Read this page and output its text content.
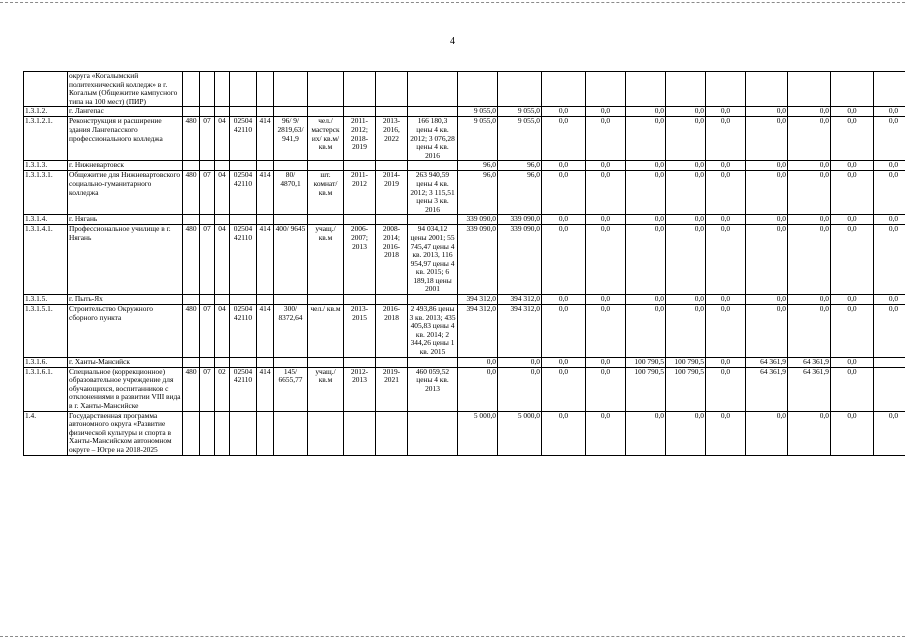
4
	округа «Когалымский политехнический колледж» в г. Когалым (Общежитие кампусного типа на 100 мест) (ПИР)																					
1.3.1.2.	г. Лангепас											9 055,0	9 055,0	0,0	0,0	0,0	0,0	0,0	0,0	0,0	0,0	0,0
1.3.1.2.1.	Реконструкция и расширение здания Лангепасского профессионального колледжа	480	07	04	02504 42110	414	96/ 9/ 2819,63/ 941,9	чел./ мастерск их/ кв.м/ кв.м	2011- 2012; 2018- 2019	2013- 2016, 2022	166 180,3 цены 4 кв. 2012; 3 076,28 цены 4 кв. 2016	9 055,0	9 055,0	0,0	0,0	0,0	0,0	0,0	0,0	0,0	0,0	0,0
1.3.1.3.	г. Нижневартовск											96,0	96,0	0,0	0,0	0,0	0,0	0,0	0,0	0,0	0,0	0,0
1.3.1.3.1.	Общежитие для Нижневартовского социально-гуманитарного колледжа	480	07	04	02504 42110	414	80/ 4870,1	шт. комнат/ кв.м	2011- 2012	2014- 2019	263 940,59 цены 4 кв. 2012; 3 115,51 цены 3 кв. 2016	96,0	96,0	0,0	0,0	0,0	0,0	0,0	0,0	0,0	0,0	0,0
1.3.1.4.	г. Нягань											339 090,0	339 090,0	0,0	0,0	0,0	0,0	0,0	0,0	0,0	0,0	0,0
1.3.1.4.1.	Профессиональное училище в г. Нягань	480	07	04	02504 42110	414	400/ 9645	учащ./ кв.м	2006- 2007; 2013	2008- 2014; 2016- 2018	94 034,12 цены 2001; 55 745,47 цены 4 кв. 2013, 116 954,97 цены 4 кв. 2015; 6 189,18 цены 2001	339 090,0	339 090,0	0,0	0,0	0,0	0,0	0,0	0,0	0,0	0,0	0,0
1.3.1.5.	г. Пыть-Ях											394 312,0	394 312,0	0,0	0,0	0,0	0,0	0,0	0,0	0,0	0,0	0,0
1.3.1.5.1.	Строительство Окружного сборного пункта	480	07	04	02504 42110	414	300/ 8372,64	чел./ кв.м	2013- 2015	2016- 2018	2 493,86 цены 3 кв. 2013; 435 405,83 цены 4 кв. 2014; 2 344,26 цены 1 кв. 2015	394 312,0	394 312,0	0,0	0,0	0,0	0,0	0,0	0,0	0,0	0,0	0,0
1.3.1.6.	г. Ханты-Мансийск											0,0	0,0	0,0	0,0	100 790,5	100 790,5	0,0	64 361,9	64 361,9	0,0	
1.3.1.6.1.	Специальное (коррекционное) образовательное учреждение для обучающихся, воспитанников с отклонениями в развитии VIII вида в г. Ханты-Мансийске	480	07	02	02504 42110	414	145/ 6655,77	учащ./ кв.м	2012- 2013	2019- 2021	460 059,52 цены 4 кв. 2013	0,0	0,0	0,0	0,0	100 790,5	100 790,5	0,0	64 361,9	64 361,9	0,0	
1.4.	Государственная программа автономного округа «Развитие физической культуры и спорта в Ханты-Мансийском автономном округе – Югре на 2018-2025											5 000,0	5 000,0	0,0	0,0	0,0	0,0	0,0	0,0	0,0	0,0	0,0
